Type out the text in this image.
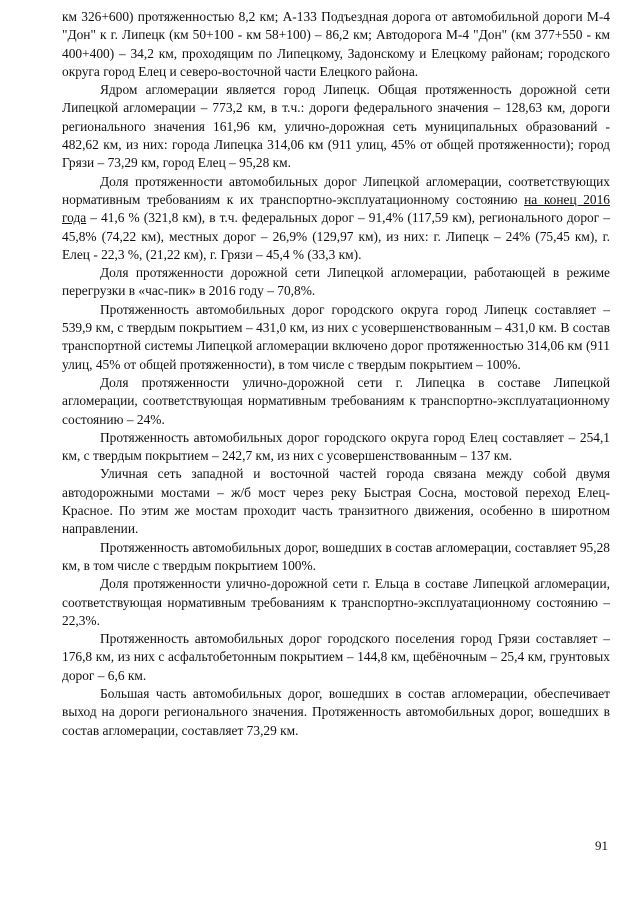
км 326+600) протяженностью 8,2 км; А-133 Подъездная дорога от автомобильной дороги М-4 "Дон" к г. Липецк (км 50+100 - км 58+100) – 86,2 км; Автодорога М-4 "Дон" (км 377+550 - км 400+400) – 34,2 км, проходящим по Липецкому, Задонскому и Елецкому районам; городского округа город Елец и северо-восточной части Елецкого района.

Ядром агломерации является город Липецк. Общая протяженность дорожной сети Липецкой агломерации – 773,2 км, в т.ч.: дороги федерального значения – 128,63 км, дороги регионального значения 161,96 км, улично-дорожная сеть муниципальных образований - 482,62 км, из них: города Липецка 314,06 км (911 улиц, 45% от общей протяженности); город Грязи – 73,29 км, город Елец – 95,28 км.

Доля протяженности автомобильных дорог Липецкой агломерации, соответствующих нормативным требованиям к их транспортно-эксплуатационному состоянию на конец 2016 года – 41,6 % (321,8 км), в т.ч. федеральных дорог – 91,4% (117,59 км), регионального дорог – 45,8% (74,22 км), местных дорог – 26,9% (129,97 км), из них: г. Липецк – 24% (75,45 км), г. Елец - 22,3 %, (21,22 км), г. Грязи – 45,4 % (33,3 км).

Доля протяженности дорожной сети Липецкой агломерации, работающей в режиме перегрузки в «час-пик» в 2016 году – 70,8%.

Протяженность автомобильных дорог городского округа город Липецк составляет – 539,9 км, с твердым покрытием – 431,0 км, из них с усовершенствованным – 431,0 км. В состав транспортной системы Липецкой агломерации включено дорог протяженностью 314,06 км (911 улиц, 45% от общей протяженности), в том числе с твердым покрытием – 100%.

Доля протяженности улично-дорожной сети г. Липецка в составе Липецкой агломерации, соответствующая нормативным требованиям к транспортно-эксплуатационному состоянию – 24%.

Протяженность автомобильных дорог городского округа город Елец составляет – 254,1 км, с твердым покрытием – 242,7 км, из них с усовершенствованным – 137 км.

Уличная сеть западной и восточной частей города связана между собой двумя автодорожными мостами – ж/б мост через реку Быстрая Сосна, мостовой переход Елец-Красное. По этим же мостам проходит часть транзитного движения, особенно в широтном направлении.

Протяженность автомобильных дорог, вошедших в состав агломерации, составляет 95,28 км, в том числе с твердым покрытием 100%.

Доля протяженности улично-дорожной сети г. Ельца в составе Липецкой агломерации, соответствующая нормативным требованиям к транспортно-эксплуатационному состоянию – 22,3%.

Протяженность автомобильных дорог городского поселения город Грязи составляет – 176,8 км, из них с асфальтобетонным покрытием – 144,8 км, щебёночным – 25,4 км, грунтовых дорог – 6,6 км.

Большая часть автомобильных дорог, вошедших в состав агломерации, обеспечивает выход на дороги регионального значения. Протяженность автомобильных дорог, вошедших в состав агломерации, составляет 73,29 км.

91
